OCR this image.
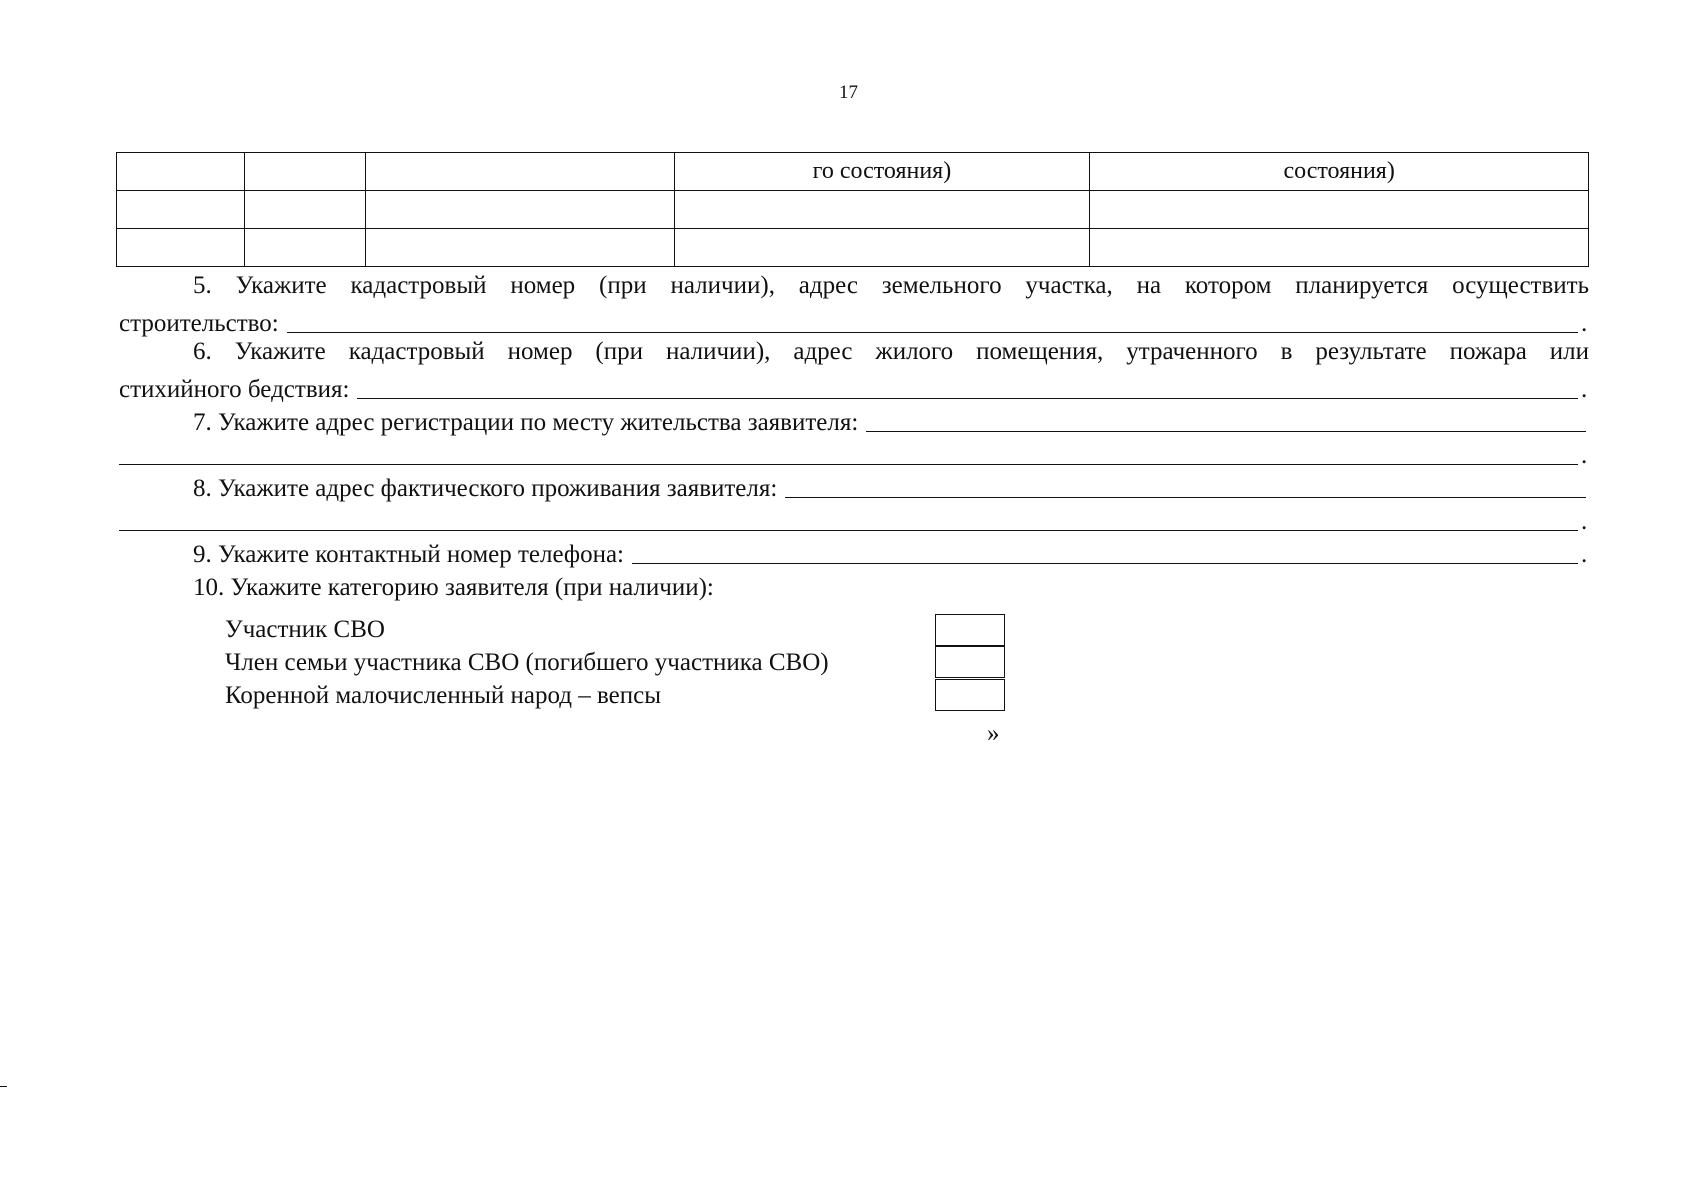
17
			го состояния)	состояния)

5. Укажите кадастровый номер (при наличии), адрес земельного участка, на котором планируется осуществить
строительство:	.
6. Укажите кадастровый номер (при наличии), адрес жилого помещения, утраченного в результате пожара или
стихийного бедствия:	.
7. Укажите адрес регистрации по месту жительства заявителя:
.
8. Укажите адрес фактического проживания заявителя:
.
9. Укажите контактный номер телефона:	.
10. Укажите категорию заявителя (при наличии):
Участник СВО
Член семьи участника СВО (погибшего участника СВО)
Коренной малочисленный народ – вепсы
»
